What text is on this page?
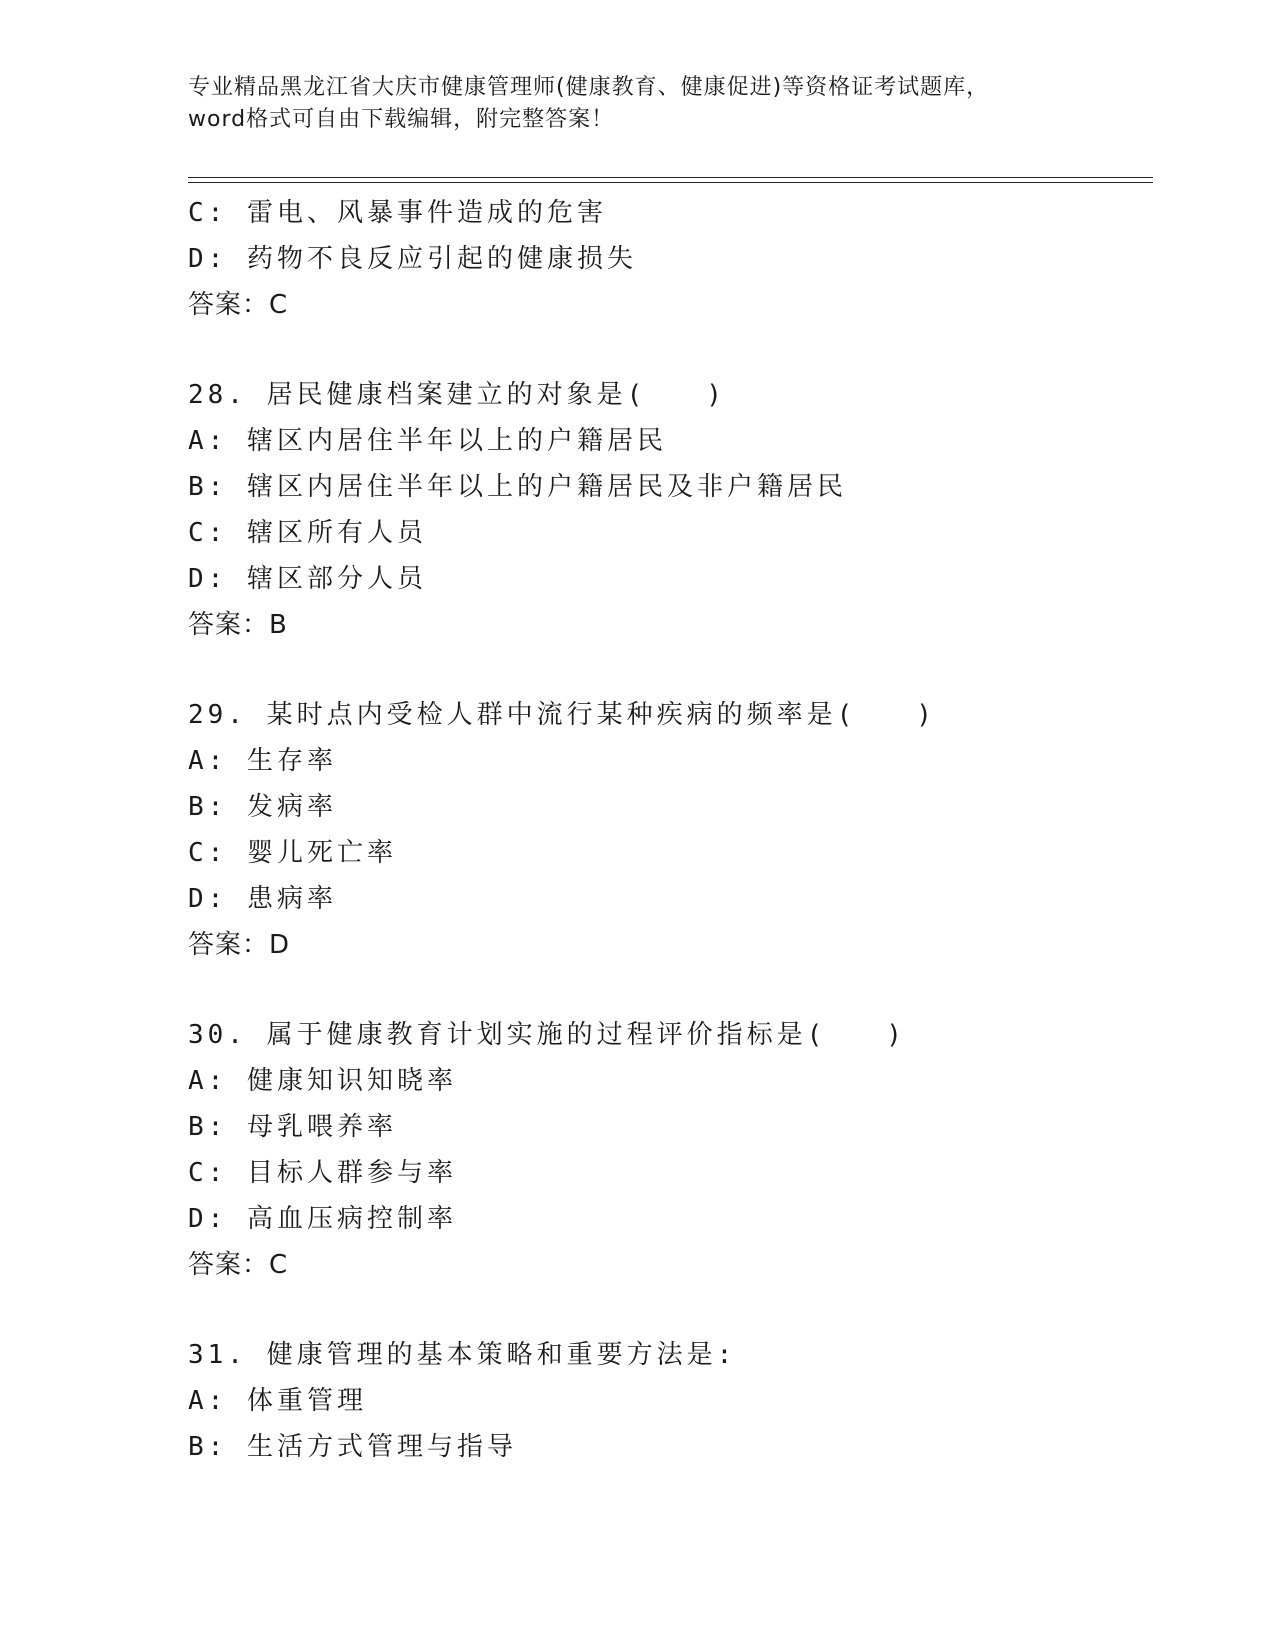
专业精品黑龙江省大庆市健康管理师(健康教育、健康促进)等资格证考试题库，
word格式可自由下载编辑，附完整答案！
C: 雷电、风暴事件造成的危害
D: 药物不良反应引起的健康损失
答案：C
28. 居民健康档案建立的对象是(　　)
A: 辖区内居住半年以上的户籍居民
B: 辖区内居住半年以上的户籍居民及非户籍居民
C: 辖区所有人员
D: 辖区部分人员
答案：B
29. 某时点内受检人群中流行某种疾病的频率是(　　)
A: 生存率
B: 发病率
C: 婴儿死亡率
D: 患病率
答案：D
30. 属于健康教育计划实施的过程评价指标是(　　)
A: 健康知识知晓率
B: 母乳喂养率
C: 目标人群参与率
D: 高血压病控制率
答案：C
31. 健康管理的基本策略和重要方法是:
A: 体重管理
B: 生活方式管理与指导
